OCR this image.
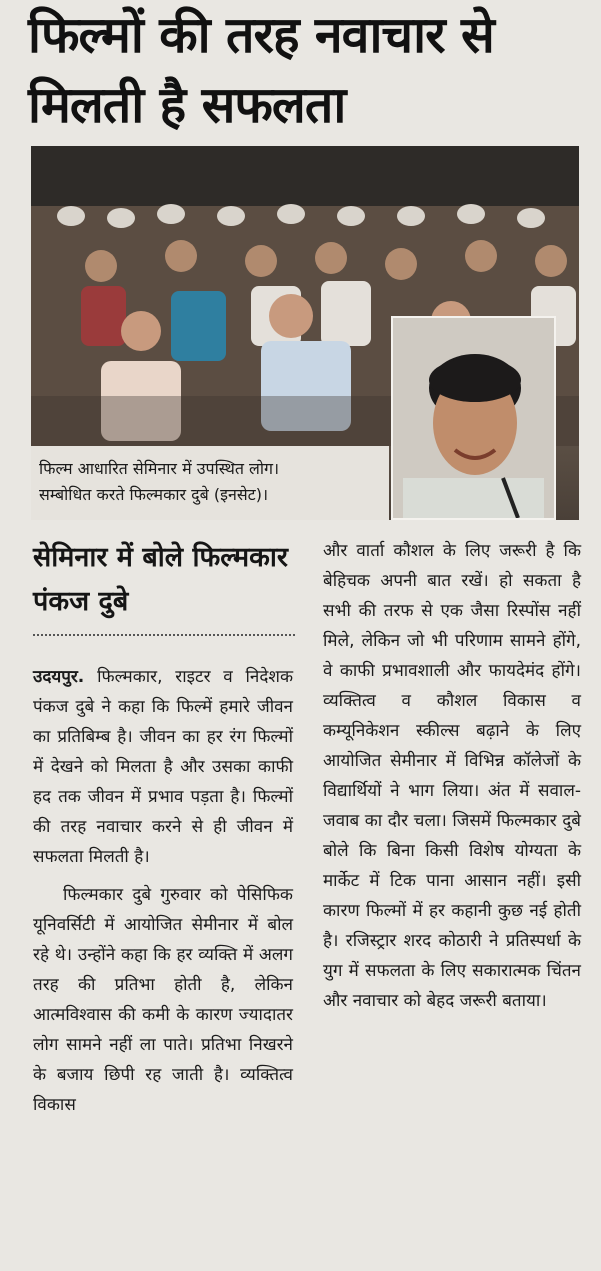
फिल्मों की तरह नवाचार से मिलती है सफलता
फिल्म आधारित सेमिनार में उपस्थित लोग।
सम्बोधित करते फिल्मकार दुबे (इनसेट)।
सेमिनार में बोले फिल्मकार पंकज दुबे

उदयपुर. फिल्मकार, राइटर व निदेशक पंकज दुबे ने कहा कि फिल्में हमारे जीवन का प्रतिबिम्ब है। जीवन का हर रंग फिल्मों में देखने को मिलता है और उसका काफी हद तक जीवन में प्रभाव पड़ता है। फिल्मों की तरह नवाचार करने से ही जीवन में सफलता मिलती है।

फिल्मकार दुबे गुरुवार को पेसिफिक यूनिवर्सिटी में आयोजित सेमीनार में बोल रहे थे। उन्होंने कहा कि हर व्यक्ति में अलग तरह की प्रतिभा होती है, लेकिन आत्मविश्वास की कमी के कारण ज्यादातर लोग सामने नहीं ला पाते। प्रतिभा निखरने के बजाय छिपी रह जाती है। व्यक्तित्व विकास

और वार्ता कौशल के लिए जरूरी है कि बेहिचक अपनी बात रखें। हो सकता है सभी की तरफ से एक जैसा रिस्पोंस नहीं मिले, लेकिन जो भी परिणाम सामने होंगे, वे काफी प्रभावशाली और फायदेमंद होंगे। व्यक्तित्व व कौशल विकास व कम्यूनिकेशन स्कील्स बढ़ाने के लिए आयोजित सेमीनार में विभिन्न कॉलेजों के विद्यार्थियों ने भाग लिया। अंत में सवाल-जवाब का दौर चला। जिसमें फिल्मकार दुबे बोले कि बिना किसी विशेष योग्यता के मार्केट में टिक पाना आसान नहीं। इसी कारण फिल्मों में हर कहानी कुछ नई होती है। रजिस्ट्रार शरद कोठारी ने प्रतिस्पर्धा के युग में सफलता के लिए सकारात्मक चिंतन और नवाचार को बेहद जरूरी बताया।
